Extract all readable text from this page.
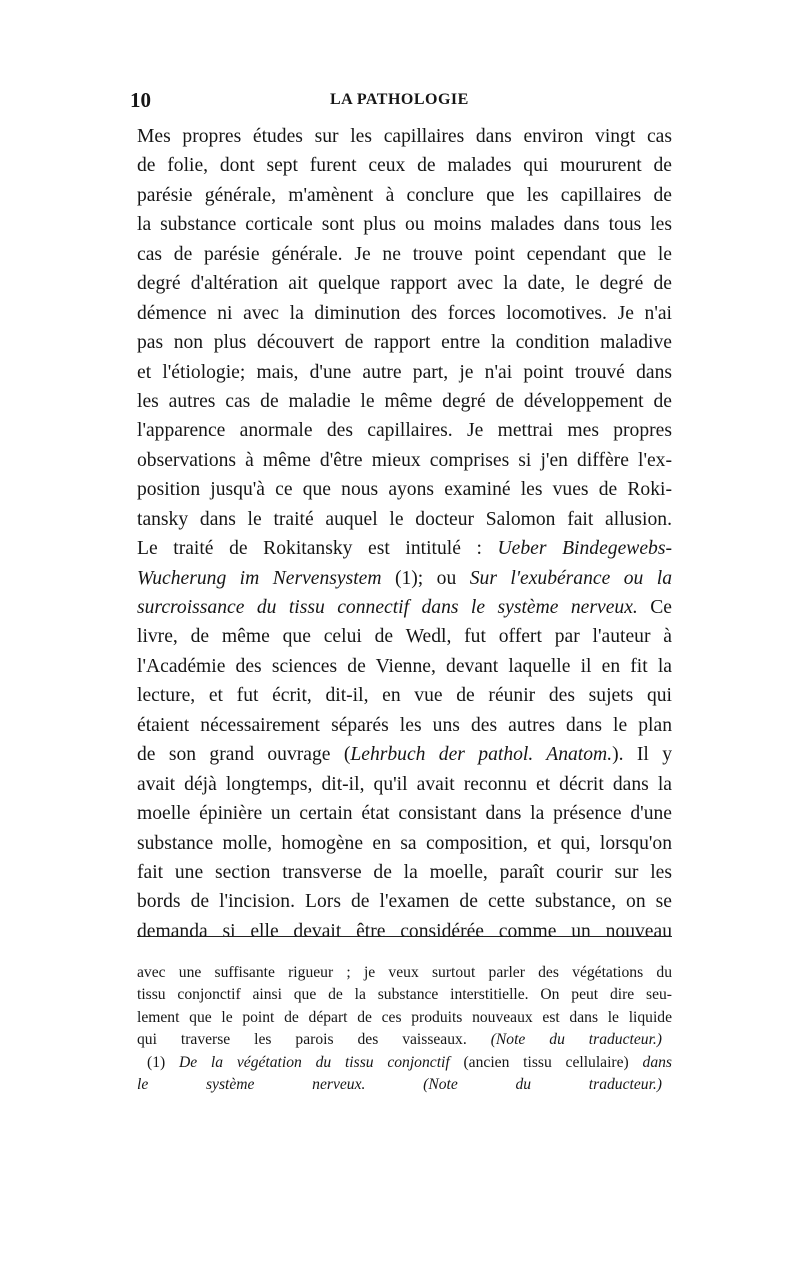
10	LA PATHOLOGIE
Mes propres études sur les capillaires dans environ vingt cas
de folie, dont sept furent ceux de malades qui moururent de
parésie générale, m'amènent à conclure que les capillaires de
la substance corticale sont plus ou moins malades dans tous les
cas de parésie générale. Je ne trouve point cependant que le
degré d'altération ait quelque rapport avec la date, le degré de
démence ni avec la diminution des forces locomotives. Je n'ai
pas non plus découvert de rapport entre la condition maladive
et l'étiologie; mais, d'une autre part, je n'ai point trouvé dans
les autres cas de maladie le même degré de développement de
l'apparence anormale des capillaires. Je mettrai mes propres
observations à même d'être mieux comprises si j'en diffère l'ex-
position jusqu'à ce que nous ayons examiné les vues de Roki-
tansky dans le traité auquel le docteur Salomon fait allusion.
Le traité de Rokitansky est intitulé : Ueber Bindegewebs-
Wucherung im Nervensystem (1); ou Sur l'exubérance ou la
surcroissance du tissu connectif dans le système nerveux. Ce
livre, de même que celui de Wedl, fut offert par l'auteur à
l'Académie des sciences de Vienne, devant laquelle il en fit la
lecture, et fut écrit, dit-il, en vue de réunir des sujets qui
étaient nécessairement séparés les uns des autres dans le plan
de son grand ouvrage (Lehrbuch der pathol. Anatom.). Il y
avait déjà longtemps, dit-il, qu'il avait reconnu et décrit dans la
moelle épinière un certain état consistant dans la présence d'une
substance molle, homogène en sa composition, et qui, lorsqu'on
fait une section transverse de la moelle, paraît courir sur les
bords de l'incision. Lors de l'examen de cette substance, on se
demanda si elle devait être considérée comme un nouveau
avec une suffisante rigueur ; je veux surtout parler des végétations du
tissu conjonctif ainsi que de la substance interstitielle. On peut dire seu-
lement que le point de départ de ces produits nouveaux est dans le liquide
qui traverse les parois des vaisseaux. (Note du traducteur.)
(1) De la végétation du tissu conjonctif (ancien tissu cellulaire) dans
le système nerveux.	(Note du traducteur.)
